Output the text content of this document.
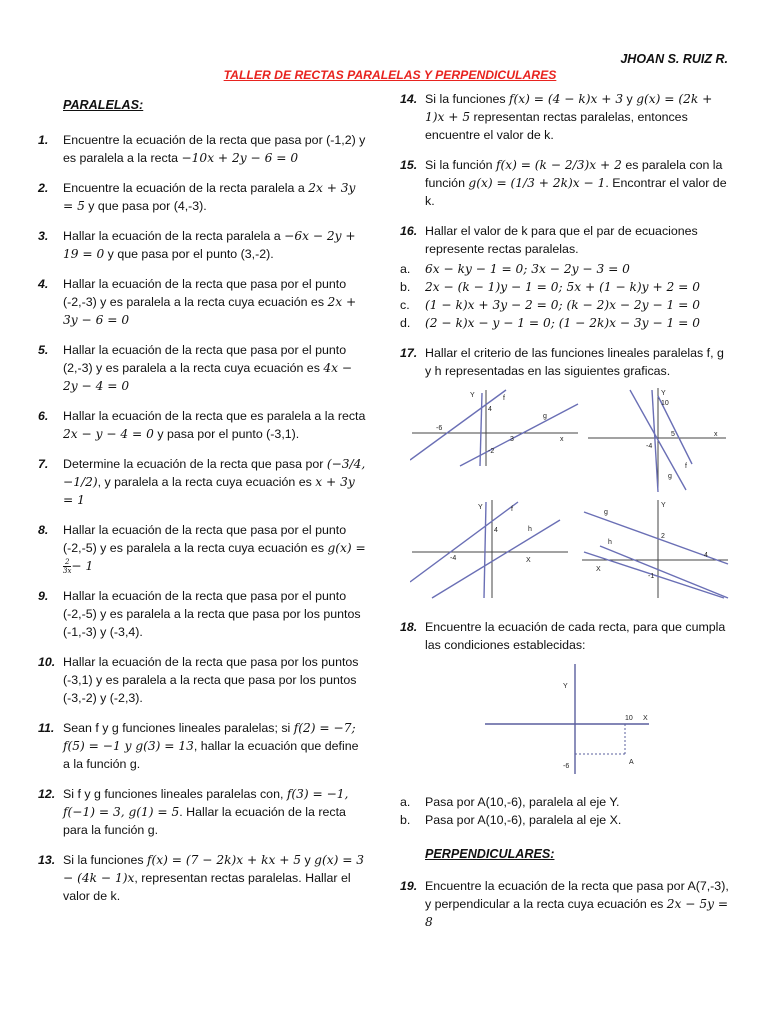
JHOAN S. RUIZ R.
TALLER DE RECTAS PARALELAS Y PERPENDICULARES
PARALELAS:
1. Encuentre la ecuación de la recta que pasa por (-1,2) y es paralela a la recta −10x + 2y − 6 = 0
2. Encuentre la ecuación de la recta paralela a 2x + 3y = 5 y que pasa por (4,-3).
3. Hallar la ecuación de la recta paralela a −6x − 2y + 19 = 0 y que pasa por el punto (3,-2).
4. Hallar la ecuación de la recta que pasa por el punto (-2,-3) y es paralela a la recta cuya ecuación es 2x + 3y − 6 = 0
5. Hallar la ecuación de la recta que pasa por el punto (2,-3) y es paralela a la recta cuya ecuación es 4x − 2y − 4 = 0
6. Hallar la ecuación de la recta que es paralela a la recta 2x − y − 4 = 0 y pasa por el punto (-3,1).
7. Determine la ecuación de la recta que pasa por (−3/4, −1/2), y paralela a la recta cuya ecuación es x + 3y = 1
8. Hallar la ecuación de la recta que pasa por el punto (-2,-5) y es paralela a la recta cuya ecuación es g(x) =
$\frac{2}{3x} - 1$
9. Hallar la ecuación de la recta que pasa por el punto (-2,-5) y es paralela a la recta que pasa por los puntos (-1,-3) y (-3,4).
10. Hallar la ecuación de la recta que pasa por los puntos (-3,1) y es paralela a la recta que pasa por los puntos (-3,-2) y (-2,3).
11. Sean f y g funciones lineales paralelas; si f(2) = −7; f(5) = −1 y g(3) = 13, hallar la ecuación que define a la función g.
12. Si f y g funciones lineales paralelas con, f(3) = −1, f(−1) = 3, g(1) = 5. Hallar la ecuación de la recta para la función g.
13. Si la funciones f(x) = (7 − 2k)x + kx + 5 y g(x) = 3 − (4k − 1)x, representan rectas paralelas. Hallar el valor de k.
14. Si la funciones f(x) = (4 − k)x + 3 y g(x) = (2k + 1)x + 5 representan rectas paralelas, entonces encuentre el valor de k.
15. Si la función f(x) = (k − 2/3)x + 2 es paralela con la función g(x) = (1/3 + 2k)x − 1. Encontrar el valor de k.
16. Hallar el valor de k para que el par de ecuaciones represente rectas paralelas.
a. 6x − ky − 1 = 0; 3x − 2y − 3 = 0
b. 2x − (k − 1)y − 1 = 0; 5x + (1 − k)y + 2 = 0
c. (1 − k)x + 3y − 2 = 0; (k − 2)x − 2y − 1 = 0
d. (2 − k)x − y − 1 = 0; (1 − 2k)x − 3y − 1 = 0
17. Hallar el criterio de las funciones lineales paralelas f, g y h representadas en las siguientes graficas.
Y	f
g
-6
4
3
-2
x
Y
10
5
-4
f
g
x
Y	f
h
4
-4	X
Y
g
h
2
4
-1
X
18. Encuentre la ecuación de cada recta, para que cumpla las condiciones establecidas:
Y
10 X
-6
A
a. Pasa por A(10,-6), paralela al eje Y.
b. Pasa por A(10,-6), paralela al eje X.
PERPENDICULARES:
19. Encuentre la ecuación de la recta que pasa por A(7,-3), y perpendicular a la recta cuya ecuación es 2x − 5y = 8
